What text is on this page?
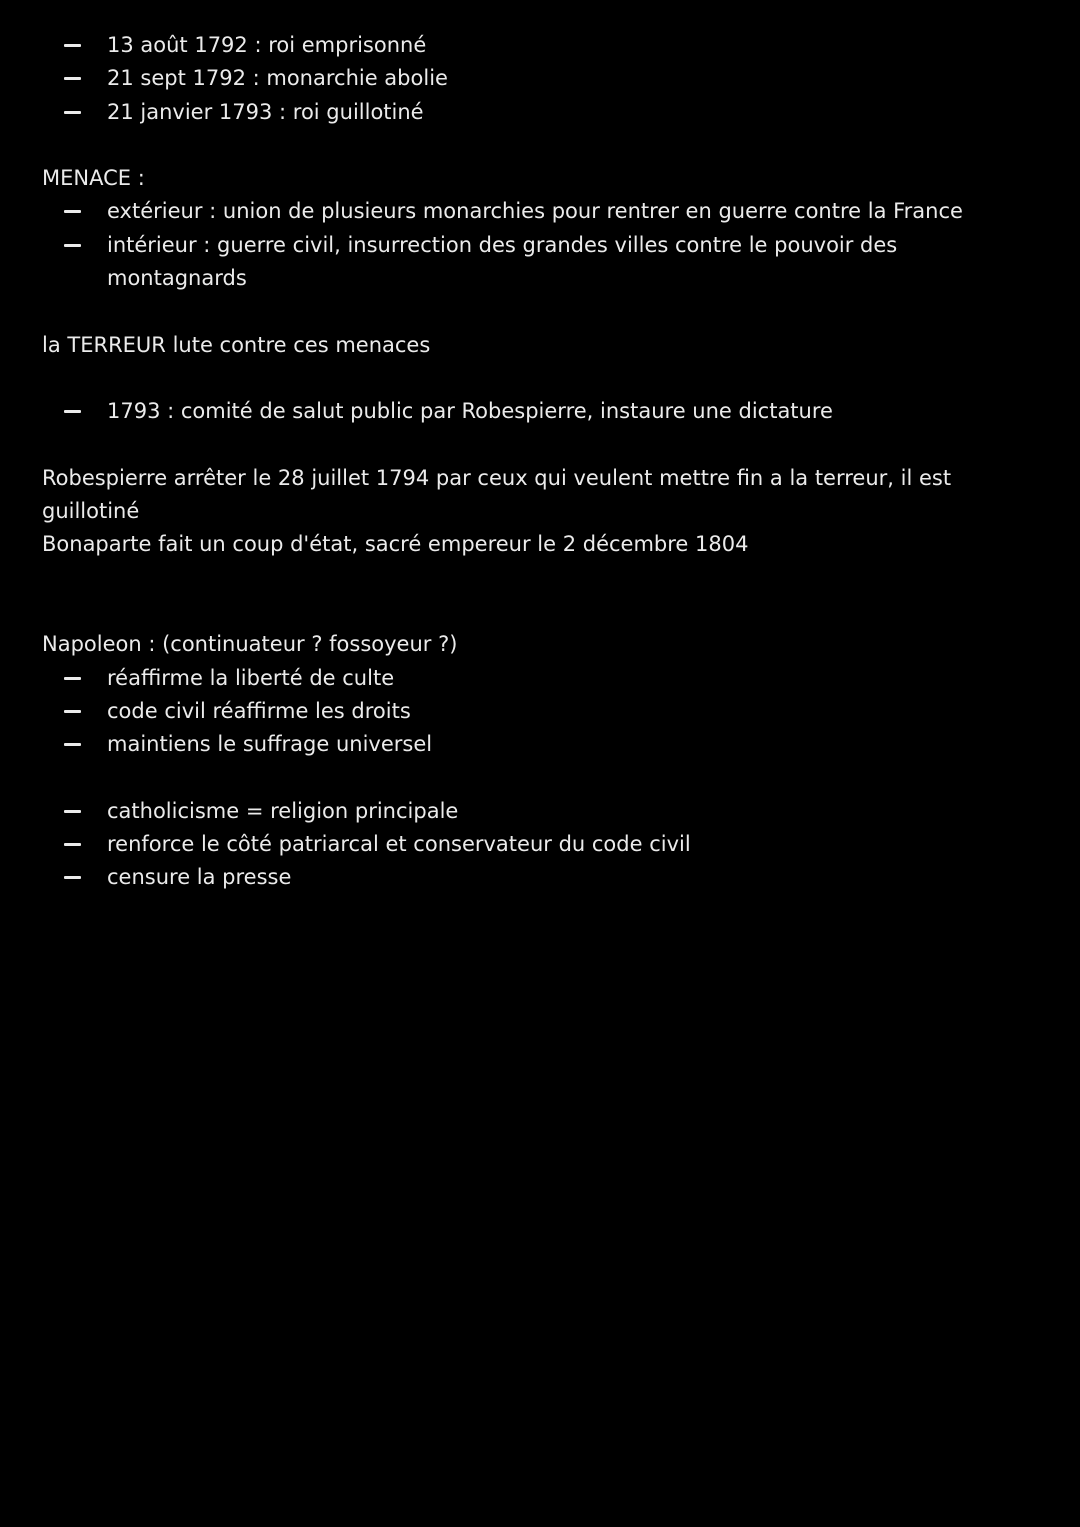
13 août 1792 : roi emprisonné
21 sept 1792 : monarchie abolie
21 janvier 1793 : roi guillotiné
MENACE :
extérieur : union de plusieurs monarchies pour rentrer en guerre contre la France
intérieur : guerre civil, insurrection des grandes villes contre le pouvoir des montagnards
la TERREUR lute contre ces menaces
1793 : comité de salut public par Robespierre, instaure une dictature
Robespierre arrêter le 28 juillet 1794 par ceux qui veulent mettre fin a la terreur, il est guillotiné
Bonaparte fait un coup d'état, sacré empereur le 2 décembre 1804
Napoleon : (continuateur ? fossoyeur ?)
réaffirme la liberté de culte
code civil réaffirme les droits
maintiens le suffrage universel
catholicisme = religion principale
renforce le côté patriarcal et conservateur du code civil
censure la presse
